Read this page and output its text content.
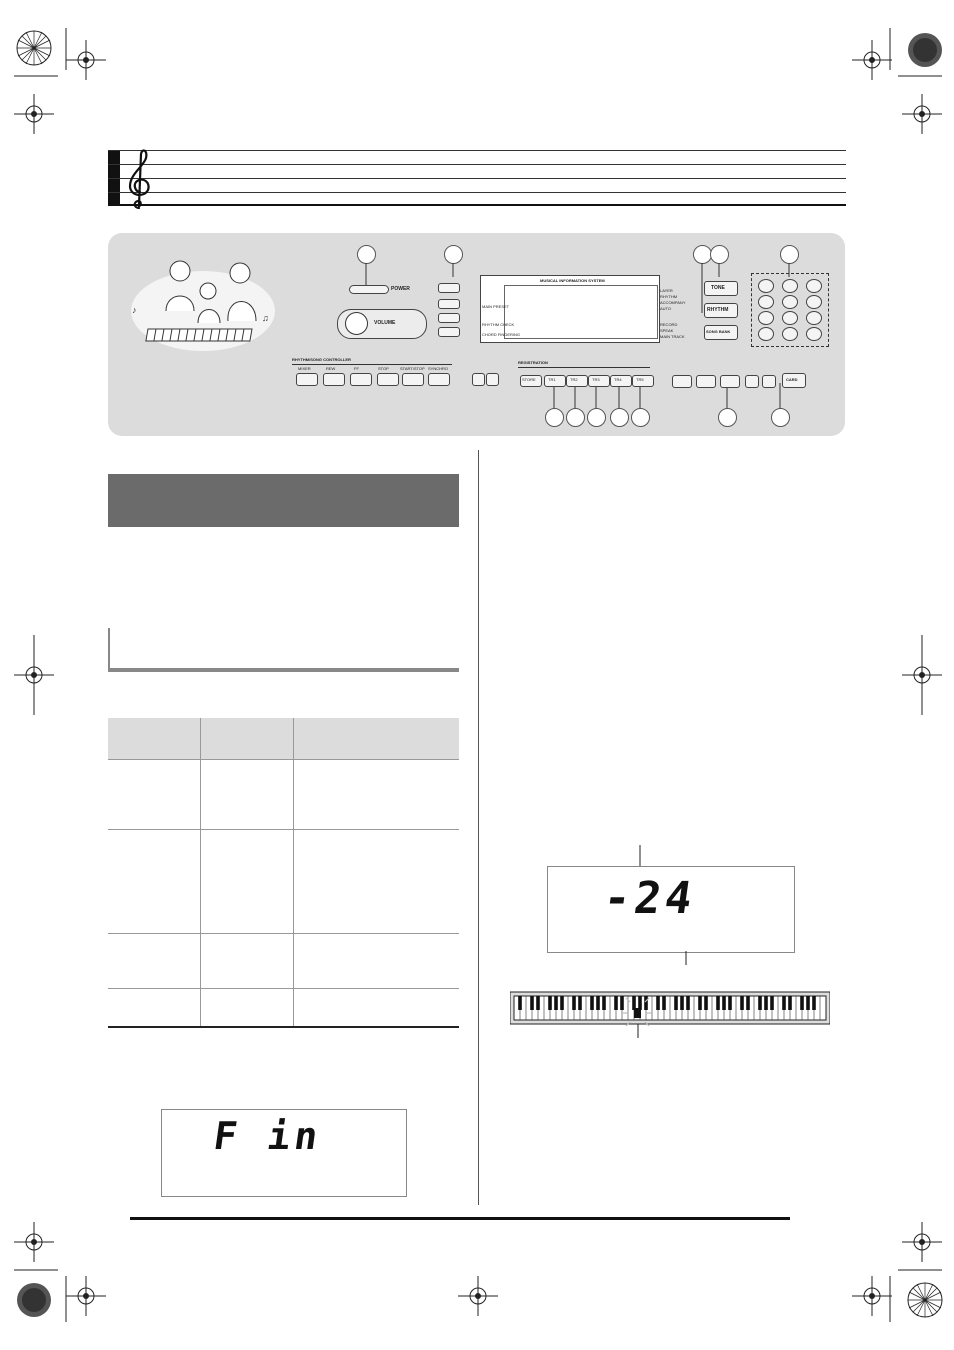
♪
♫
POWER
VOLUME
MUSICAL INFORMATION SYSTEM
MAIN PRESET
RHYTHM CHECK
CHORD FINGERING
LAYER
RHYTHM
ACCOMPANY
AUTO
RECORD
SPEAK
MAIN TRACK
TONE
RHYTHM
SONG BANK
RHYTHM/SONG CONTROLLER
MIXER	REW	FF	STOP	START/STOP SYNCHRO
REGISTRATION
STORE	TR1	TR2	TR3	TR4	TR5	CARD

F in
-24
